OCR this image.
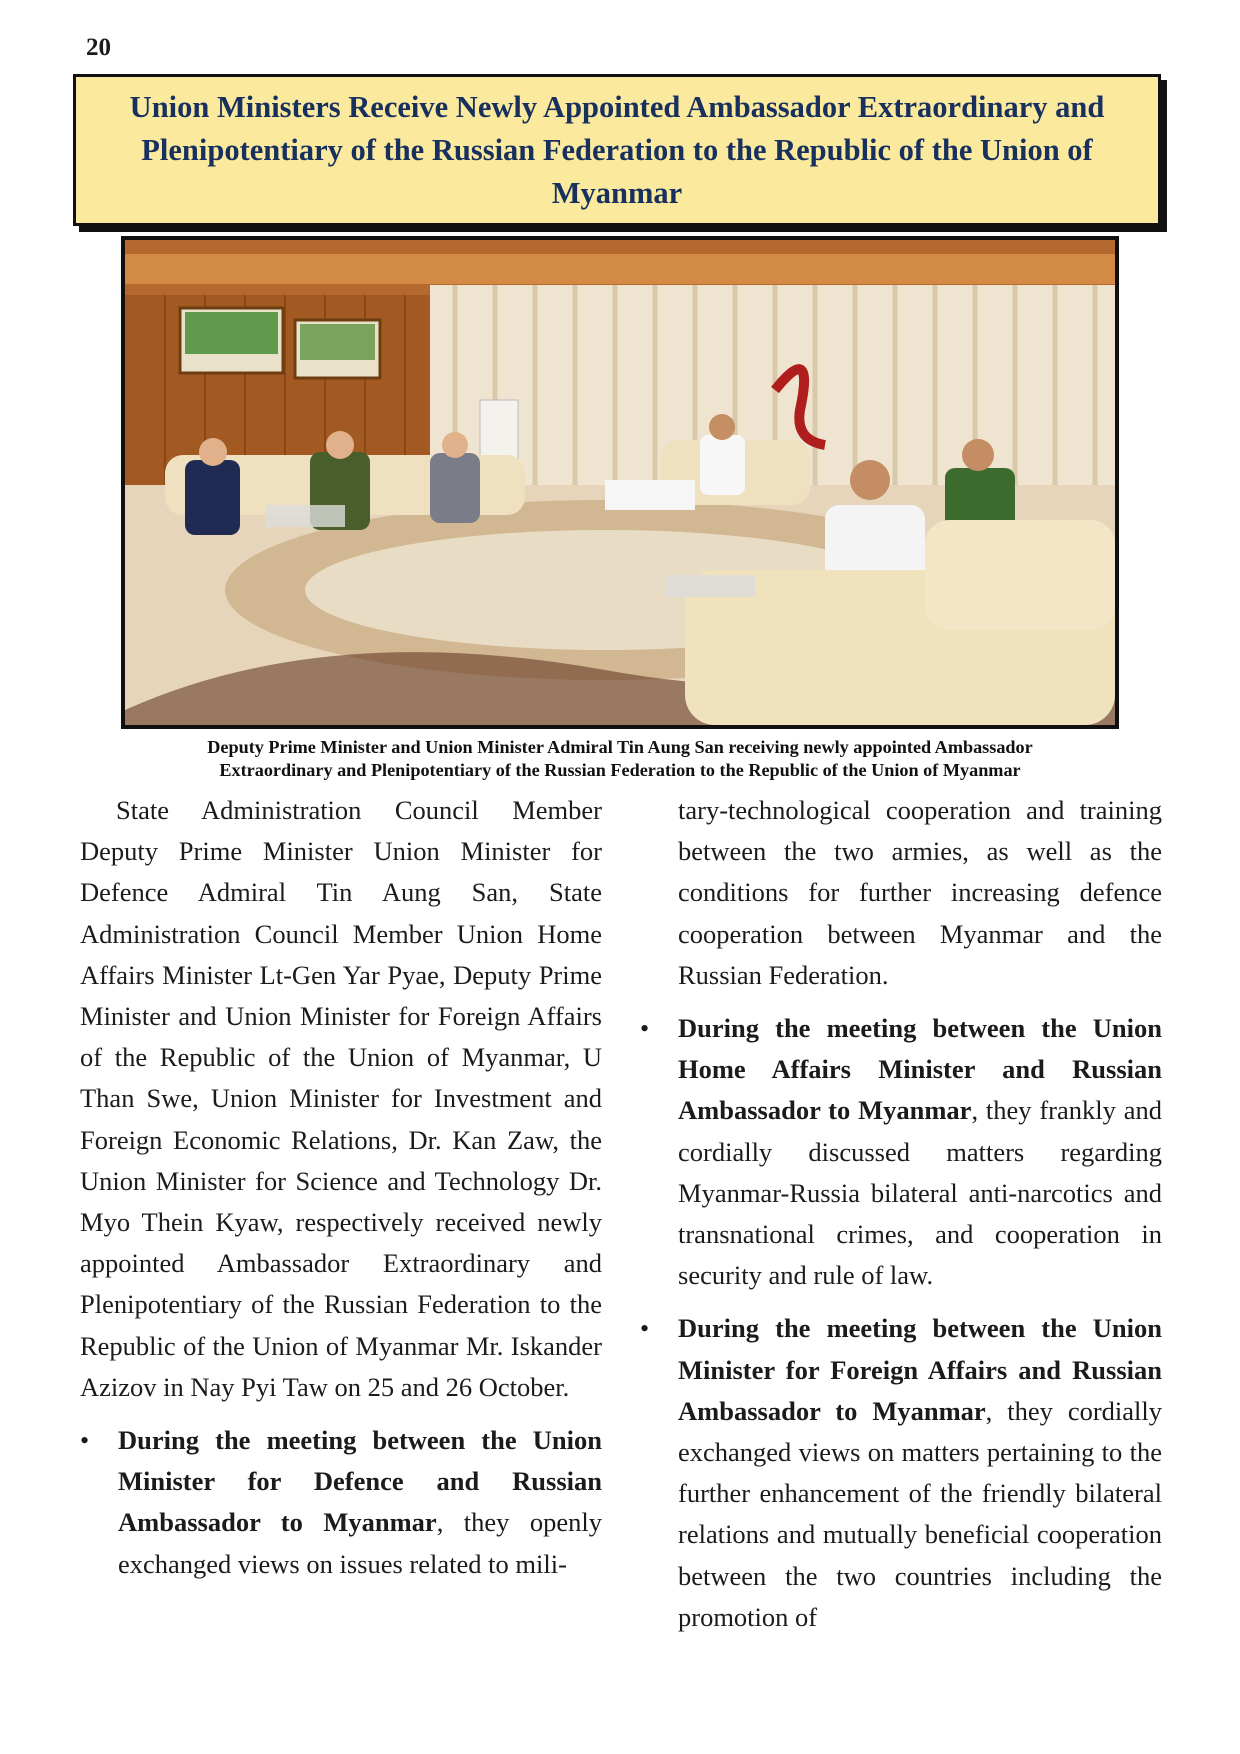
20
Union Ministers Receive Newly Appointed Ambassador Extraordinary and Plenipotentiary of the Russian Federation to the Republic of the Union of Myanmar
Deputy Prime Minister and Union Minister Admiral Tin Aung San receiving newly appointed Ambassador
Extraordinary and Plenipotentiary of the Russian Federation to the Republic of the Union of Myanmar

State Administration Council Member Deputy Prime Minister Union Minister for Defence Admiral Tin Aung San, State Administration Council Member Union Home Affairs Minister Lt-Gen Yar Pyae, Deputy Prime Minister and Union Minister for Foreign Affairs of the Republic of the Union of Myanmar, U Than Swe, Union Minister for Investment and Foreign Economic Relations, Dr. Kan Zaw, the Union Minister for Science and Technology Dr. Myo Thein Kyaw, respectively received newly appointed Ambassador Extraordinary and Plenipotentiary of the Russian Federation to the Republic of the Union of Myanmar Mr. Iskander Azizov in Nay Pyi Taw on 25 and 26 October.

• During the meeting between the Union Minister for Defence and Russian Ambassador to Myanmar, they openly exchanged views on issues related to mili-

tary-technological cooperation and training between the two armies, as well as the conditions for further increasing defence cooperation between Myanmar and the Russian Federation.

• During the meeting between the Union Home Affairs Minister and Russian Ambassador to Myanmar, they frankly and cordially discussed matters regarding Myanmar-Russia bilateral anti-narcotics and transnational crimes, and cooperation in security and rule of law.

• During the meeting between the Union Minister for Foreign Affairs and Russian Ambassador to Myanmar, they cordially exchanged views on matters pertaining to the further enhancement of the friendly bilateral relations and mutually beneficial cooperation between the two countries including the promotion of
